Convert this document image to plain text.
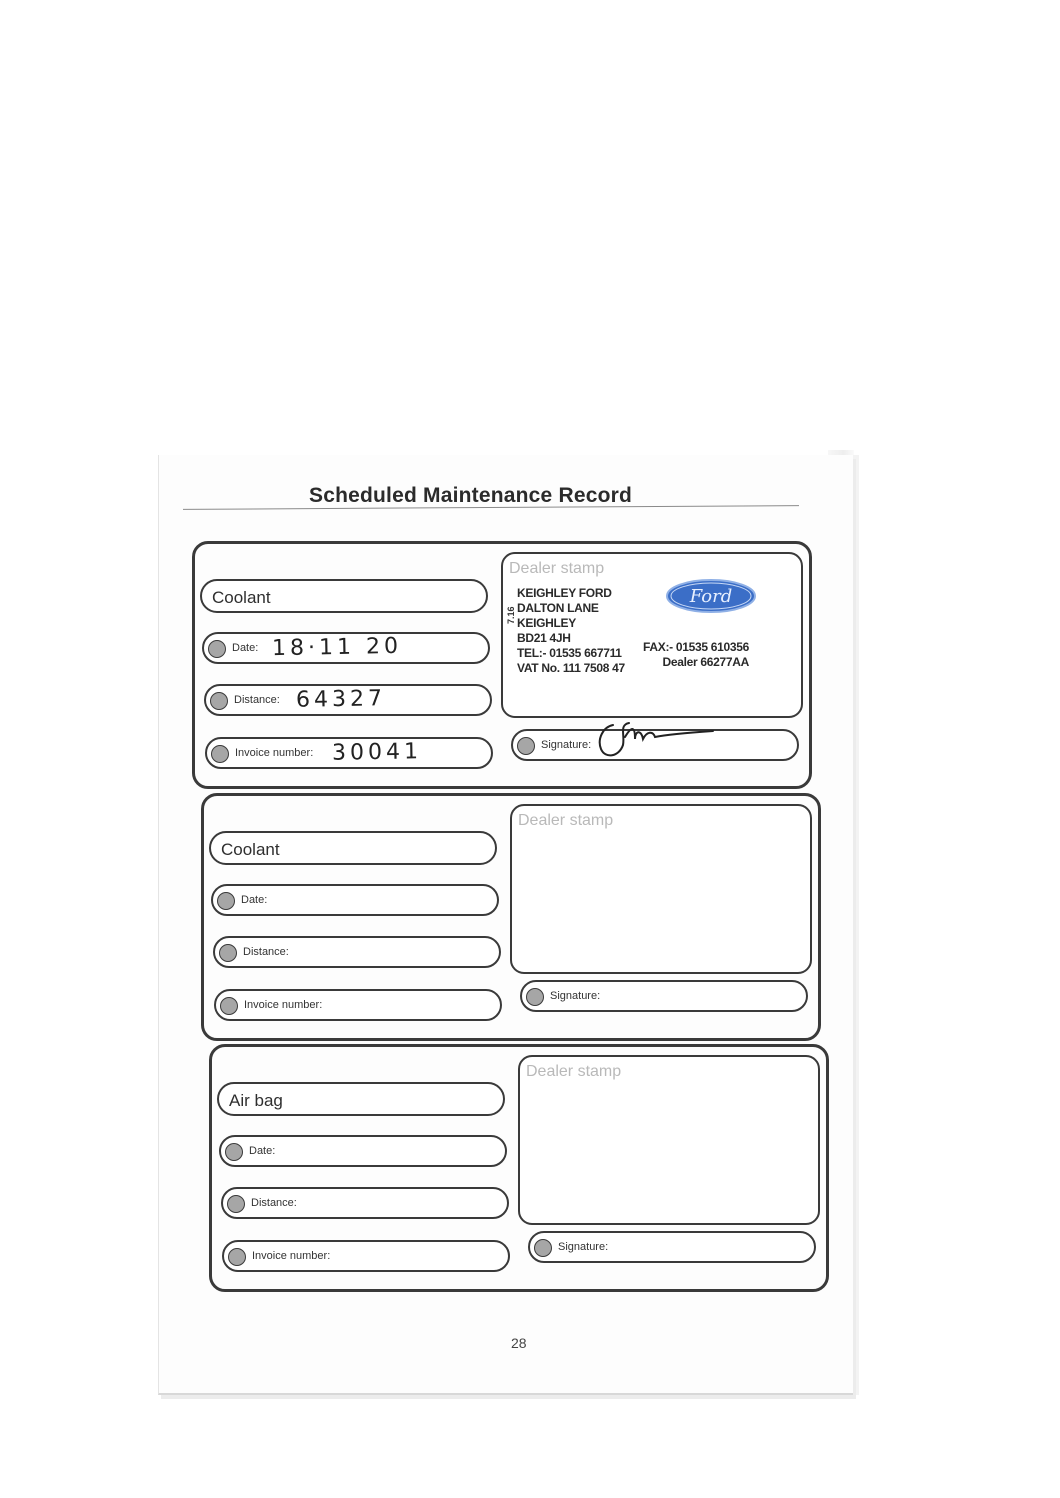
Scheduled Maintenance Record
Coolant
Date: 18·11 20
Distance: 64327
Invoice number: 30041
Dealer stamp
7.16
KEIGHLEY FORD
DALTON LANE
KEIGHLEY
BD21 4JH
TEL:- 01535 667711
VAT No. 111 7508 47
FAX:- 01535 610356
Dealer 66277AA
Ford
Signature:
Coolant
Date:
Distance:
Invoice number:
Dealer stamp
Signature:
Air bag
Date:
Distance:
Invoice number:
Dealer stamp
Signature:
28
